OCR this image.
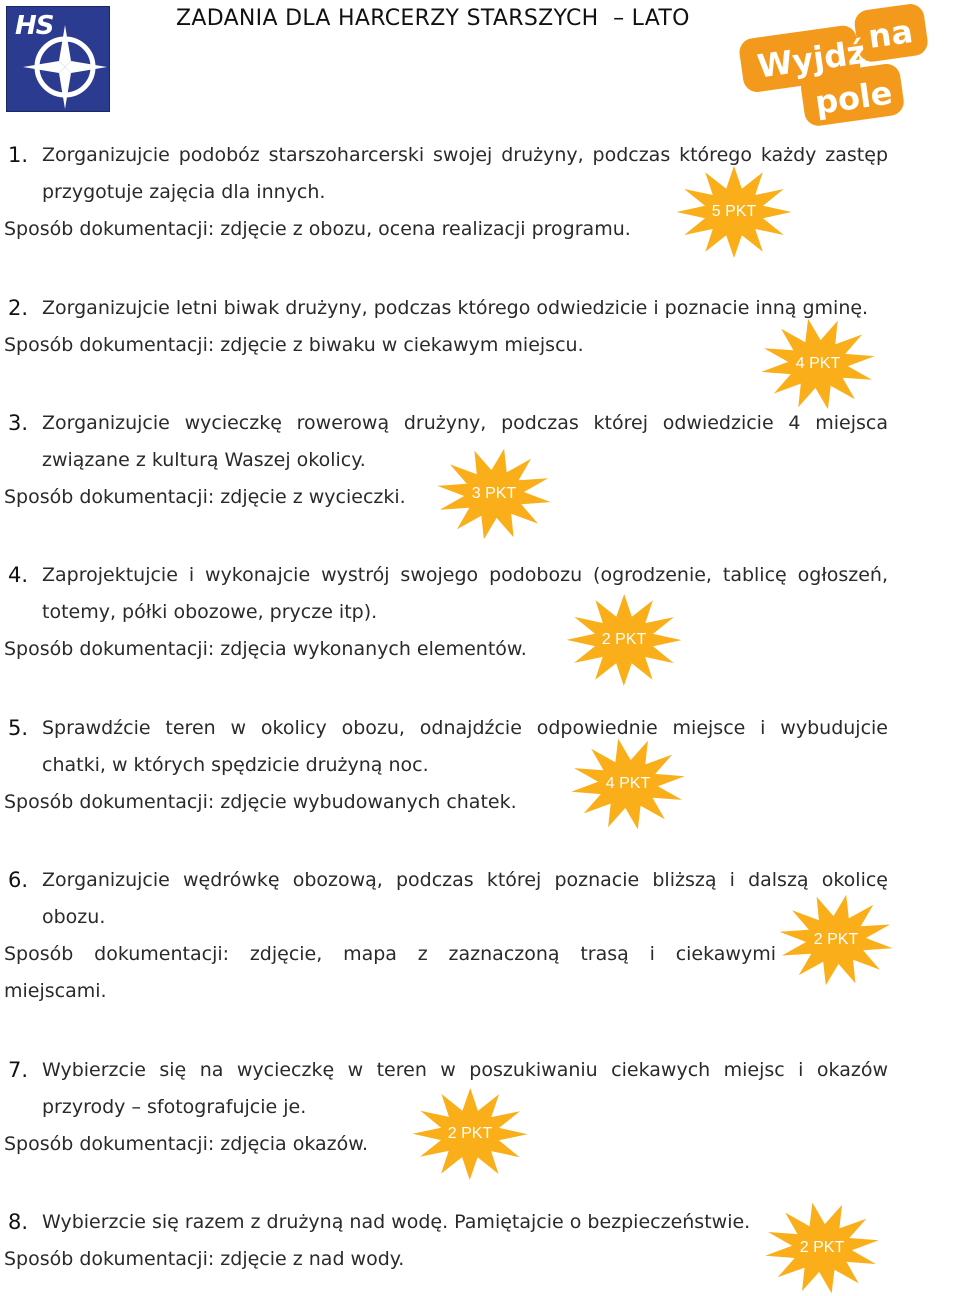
HS	ZADANIA DLA HARCERZY STARSZYCH  – LATO
Wyjdź
na
pole
1. Zorganizujcie podobóz starszoharcerski swojej drużyny, podczas którego każdy zastęp
przygotuje zajęcia dla innych.
Sposób dokumentacji: zdjęcie z obozu, ocena realizacji programu.
5 PKT
2. Zorganizujcie letni biwak drużyny, podczas którego odwiedzicie i poznacie inną gminę.
Sposób dokumentacji: zdjęcie z biwaku w ciekawym miejscu.
4 PKT
3. Zorganizujcie wycieczkę rowerową drużyny, podczas której odwiedzicie 4 miejsca
związane z kulturą Waszej okolicy.
Sposób dokumentacji: zdjęcie z wycieczki.	3 PKT
4. Zaprojektujcie i wykonajcie wystrój swojego podobozu (ogrodzenie, tablicę ogłoszeń,
totemy, półki obozowe, prycze itp).
Sposób dokumentacji: zdjęcia wykonanych elementów.	2 PKT
5. Sprawdźcie teren w okolicy obozu, odnajdźcie odpowiednie miejsce i wybudujcie
chatki, w których spędzicie drużyną noc.
Sposób dokumentacji: zdjęcie wybudowanych chatek.
4 PKT
6. Zorganizujcie wędrówkę obozową, podczas której poznacie bliższą i dalszą okolicę
obozu.
Sposób dokumentacji: zdjęcie, mapa z zaznaczoną trasą i ciekawymi
miejscami.
2 PKT
7. Wybierzcie się na wycieczkę w teren w poszukiwaniu ciekawych miejsc i okazów
przyrody – sfotografujcie je.
Sposób dokumentacji: zdjęcia okazów.	2 PKT
8. Wybierzcie się razem z drużyną nad wodę. Pamiętajcie o bezpieczeństwie.
Sposób dokumentacji: zdjęcie z nad wody.
2 PKT
